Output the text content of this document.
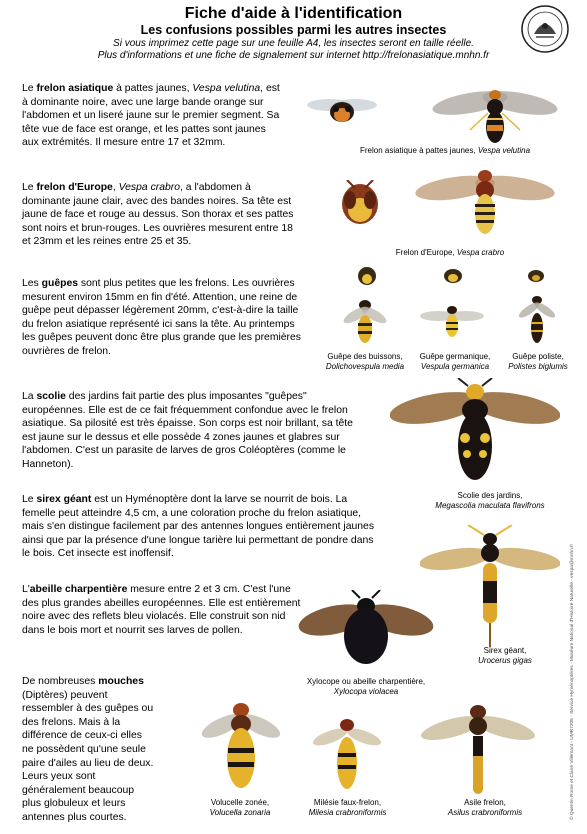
Fiche d'aide à l'identification

Les confusions possibles parmi les autres insectes

Si vous imprimez cette page sur une feuille A4, les insectes seront en taille réelle.

Plus d'informations et une fiche de signalement sur internet http://frelonasiatique.mnhn.fr

Le frelon asiatique à pattes jaunes, Vespa velutina, est à dominante noire, avec une large bande orange sur l'abdomen et un liseré jaune sur le premier segment. Sa tête vue de face est orange, et les pattes sont jaunes aux extrémités. Il mesure entre 17 et 32mm.
Frelon asiatique à pattes jaunes, Vespa velutina
Le frelon d'Europe, Vespa crabro, a l'abdomen à dominante jaune clair, avec des bandes noires. Sa tête est jaune de face et rouge au dessus. Son thorax et ses pattes sont noirs et brun-rouges. Les ouvrières mesurent entre 18 et 23mm et les reines entre 25 et 35.
Frelon d'Europe, Vespa crabro
Les guêpes sont plus petites que les frelons. Les ouvrières mesurent environ 15mm en fin d'été. Attention, une reine de guêpe peut dépasser légèrement 20mm, c'est-à-dire la taille du frelon asiatique représenté ici sans la tête. Au printemps les guêpes peuvent donc être plus grande que les premières ouvrières de frelon.	Guêpe des buissons,
Dolichovespula media
Guêpe germanique,
Vespula germanica
Guêpe poliste,
Polistes biglumis
La scolie des jardins fait partie des plus imposantes "guêpes" européennes. Elle est de ce fait fréquemment confondue avec le frelon asiatique. Sa pilosité est très épaisse. Son corps est noir brillant, sa tête est jaune sur le dessus et elle possède 4 zones jaunes et glabres sur l'abdomen. C'est un parasite de larves de gros Coléoptères (comme le Hanneton).
Scolie des jardins,
Megascolia maculata flavifrons
Le sirex géant est un Hyménoptère dont la larve se nourrit de bois. La femelle peut atteindre 4,5 cm, a une coloration proche du frelon asiatique, mais s'en distingue facilement par des antennes longues entièrement jaunes ainsi que par la présence d'une longue tarière lui permettant de pondre dans le bois. Cet insecte est inoffensif.
Sirex géant,
Urocerus gigas
L'abeille charpentière mesure entre 2 et 3 cm. C'est l'une des plus grandes abeilles européennes. Elle est entièrement noire avec des reflets bleu violacés. Elle construit son nid dans le bois mort et nourrit ses larves de pollen.
Xylocope ou abeille charpentière,
Xylocopa violacea
De nombreuses mouches (Diptères) peuvent ressembler à des guêpes ou des frelons. Mais à la différence de ceux-ci elles ne possèdent qu'une seule paire d'ailes au lieu de deux. Leurs yeux sont généralement beaucoup plus globuleux et leurs antennes plus courtes.
Volucelle zonée,
Volucella zonaria
Milésie faux-frelon,
Milesia crabroniformis
Asile frelon,
Asilus crabroniformis	© Quentin Rome et Claire Villemant - UMR7205 - Service Hyménoptères - Muséum National d'Histoire Naturelle - vespa@mnhn.fr
